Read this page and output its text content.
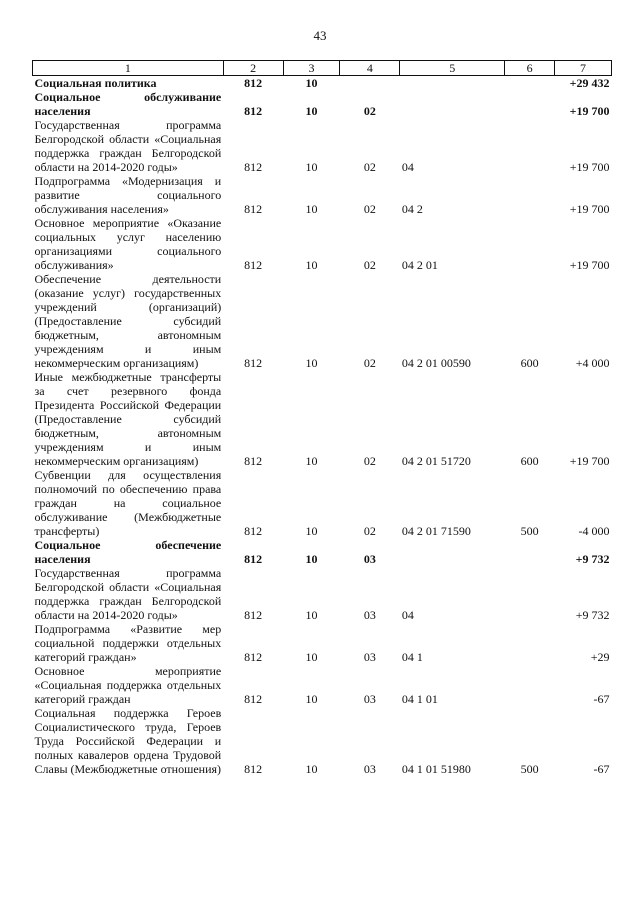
43
1	2	3	4	5	6	7
Социальная политика	812	10				+29 432
Социальное обслуживание населения	812	10	02			+19 700
Государственная программа Белгородской области «Социальная поддержка граждан Белгородской области на 2014-2020 годы»	812	10	02	04		+19 700
Подпрограмма «Модернизация и развитие социального обслуживания населения»	812	10	02	04 2		+19 700
Основное мероприятие «Оказание социальных услуг населению организациями социального обслуживания»	812	10	02	04 2 01		+19 700
Обеспечение деятельности (оказание услуг) государственных учреждений (организаций) (Предоставление субсидий бюджетным, автономным учреждениям и иным некоммерческим организациям)	812	10	02	04 2 01 00590	600	+4 000
Иные межбюджетные трансферты за счет резервного фонда Президента Российской Федерации (Предоставление субсидий бюджетным, автономным учреждениям и иным некоммерческим организациям)	812	10	02	04 2 01 51720	600	+19 700
Субвенции для осуществления полномочий по обеспечению права граждан на социальное обслуживание (Межбюджетные трансферты)	812	10	02	04 2 01 71590	500	-4 000
Социальное обеспечение населения	812	10	03			+9 732
Государственная программа Белгородской области «Социальная поддержка граждан Белгородской области на 2014-2020 годы»	812	10	03	04		+9 732
Подпрограмма «Развитие мер социальной поддержки отдельных категорий граждан»	812	10	03	04 1		+29
Основное мероприятие «Социальная поддержка отдельных категорий граждан	812	10	03	04 1 01		-67
Социальная поддержка Героев Социалистического труда, Героев Труда Российской Федерации и полных кавалеров ордена Трудовой Славы (Межбюджетные отношения)	812	10	03	04 1 01 51980	500	-67
